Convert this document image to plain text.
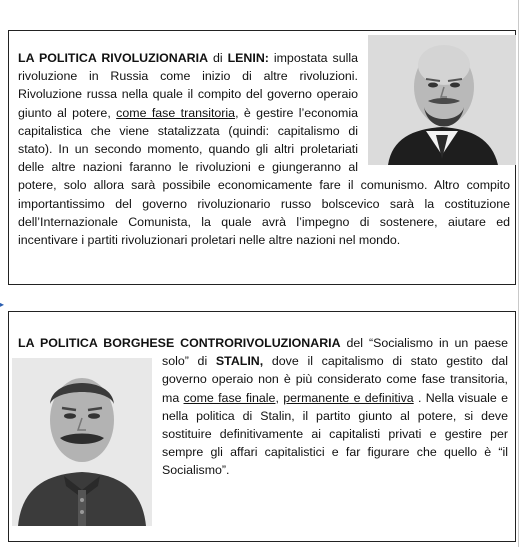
LA POLITICA RIVOLUZIONARIA di LENIN: impostata sulla rivoluzione in Russia come inizio di altre rivoluzioni. Rivoluzione russa nella quale il compito del governo operaio giunto al potere, come fase transitoria, è gestire l’economia capitalistica che viene statalizzata (quindi: capitalismo di stato). In un secondo momento, quando gli altri proletariati delle altre nazioni faranno le rivoluzioni e giungeranno al potere, solo allora sarà possibile economicamente fare il comunismo. Altro compito importantissimo del governo rivoluzionario russo bolscevico sarà la costituzione dell’Internazionale Comunista, la quale avrà l’impegno di sostenere, aiutare ed incentivare i partiti rivoluzionari proletari nelle altre nazioni nel mondo.

▸

LA POLITICA BORGHESE CONTRORIVOLUZIONARIA del “Socialismo in un paese solo” di
STALIN, dove il capitalismo di stato gestito dal governo operaio non è più considerato come fase transitoria, ma come fase finale, permanente e definitiva . Nella visuale e nella politica di Stalin, il partito giunto al potere, si deve sostituire definitivamente ai capitalisti privati e gestire per sempre gli affari capitalistici e far figurare che quello è “il Socialismo”.
